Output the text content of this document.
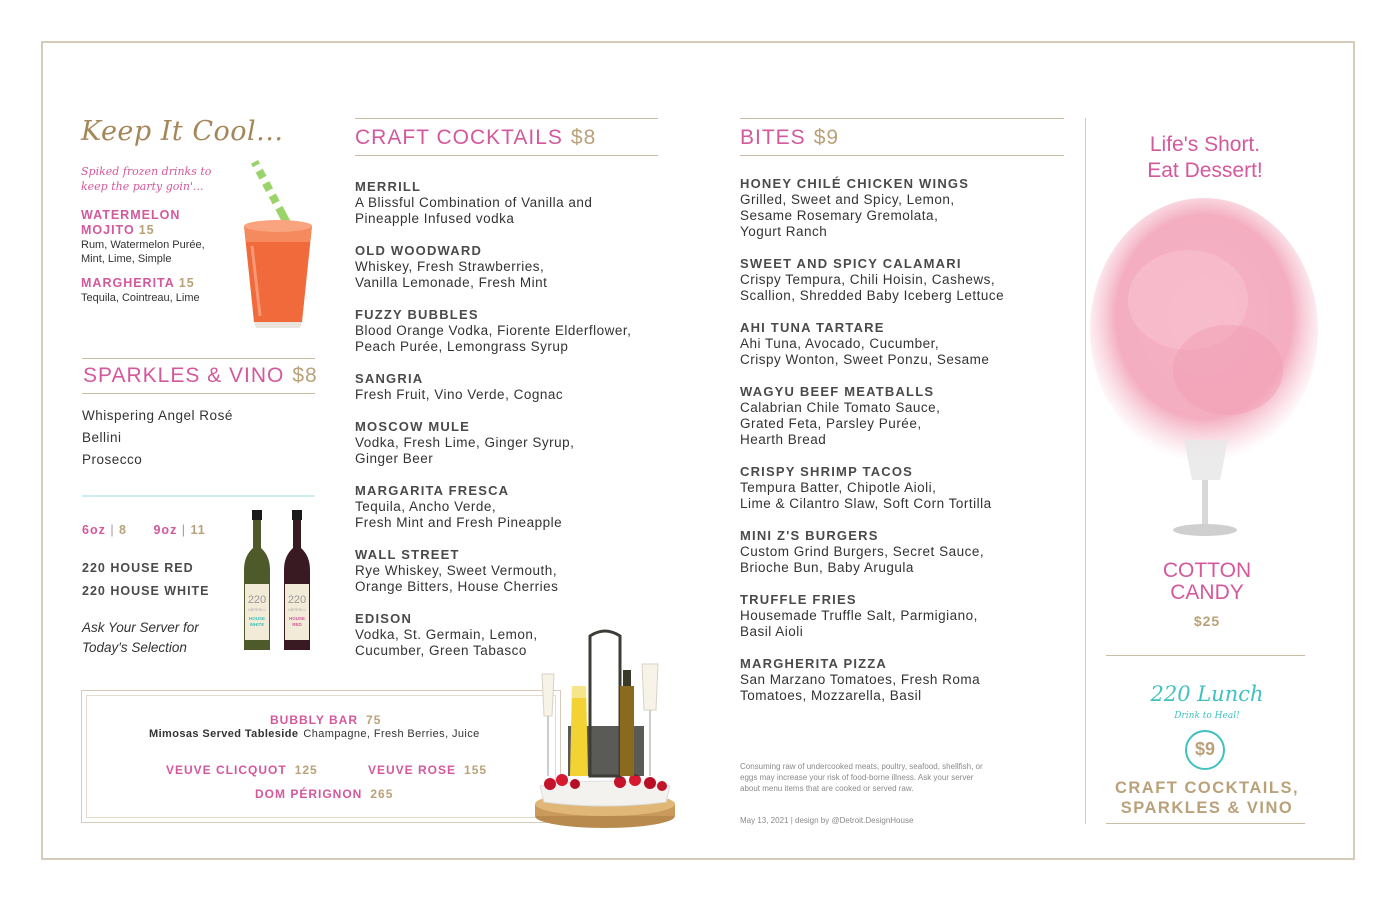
Keep It Cool...
Spiked frozen drinks to
keep the party goin'...
WATERMELON
MOJITO 15
Rum, Watermelon Purée,
Mint, Lime, Simple
MARGHERITA 15
Tequila, Cointreau, Lime
SPARKLES & VINO $8
Whispering Angel Rosé
Bellini
Prosecco
6oz | 8 9oz | 11
220 HOUSE RED
220 HOUSE WHITE
Ask Your Server for
Today's Selection
220
MERRILL
HOUSE
WHITE
220
MERRILL
HOUSE
RED
BUBBLY BAR 75
Mimosas Served Tableside Champagne, Fresh Berries, Juice
VEUVE CLICQUOT 125	VEUVE ROSE 155
DOM PÉRIGNON 265
CRAFT COCKTAILS $8
MERRILL
A Blissful Combination of Vanilla and
Pineapple Infused vodka
OLD WOODWARD
Whiskey, Fresh Strawberries,
Vanilla Lemonade, Fresh Mint
FUZZY BUBBLES
Blood Orange Vodka, Fiorente Elderflower,
Peach Purée, Lemongrass Syrup
SANGRIA
Fresh Fruit, Vino Verde, Cognac
MOSCOW MULE
Vodka, Fresh Lime, Ginger Syrup,
Ginger Beer
MARGARITA FRESCA
Tequila, Ancho Verde,
Fresh Mint and Fresh Pineapple
WALL STREET
Rye Whiskey, Sweet Vermouth,
Orange Bitters, House Cherries
EDISON
Vodka, St. Germain, Lemon,
Cucumber, Green Tabasco
BITES $9
HONEY CHILÉ CHICKEN WINGS
Grilled, Sweet and Spicy, Lemon,
Sesame Rosemary Gremolata,
Yogurt Ranch
SWEET AND SPICY CALAMARI
Crispy Tempura, Chili Hoisin, Cashews,
Scallion, Shredded Baby Iceberg Lettuce
AHI TUNA TARTARE
Ahi Tuna, Avocado, Cucumber,
Crispy Wonton, Sweet Ponzu, Sesame
WAGYU BEEF MEATBALLS
Calabrian Chile Tomato Sauce,
Grated Feta, Parsley Purée,
Hearth Bread
CRISPY SHRIMP TACOS
Tempura Batter, Chipotle Aioli,
Lime & Cilantro Slaw, Soft Corn Tortilla
MINI Z'S BURGERS
Custom Grind Burgers, Secret Sauce,
Brioche Bun, Baby Arugula
TRUFFLE FRIES
Housemade Truffle Salt, Parmigiano,
Basil Aioli
MARGHERITA PIZZA
San Marzano Tomatoes, Fresh Roma
Tomatoes, Mozzarella, Basil
Consuming raw of undercooked meats, poultry, seafood, shellfish, or
eggs may increase your risk of food-borne illness. Ask your server
about menu items that are cooked or served raw.
May 13, 2021 | design by @Detroit.DesignHouse
Life's Short.
Eat Dessert!
COTTON
CANDY
$25
220 Lunch
Drink to Heal!
$9
CRAFT COCKTAILS,
SPARKLES & VINO
